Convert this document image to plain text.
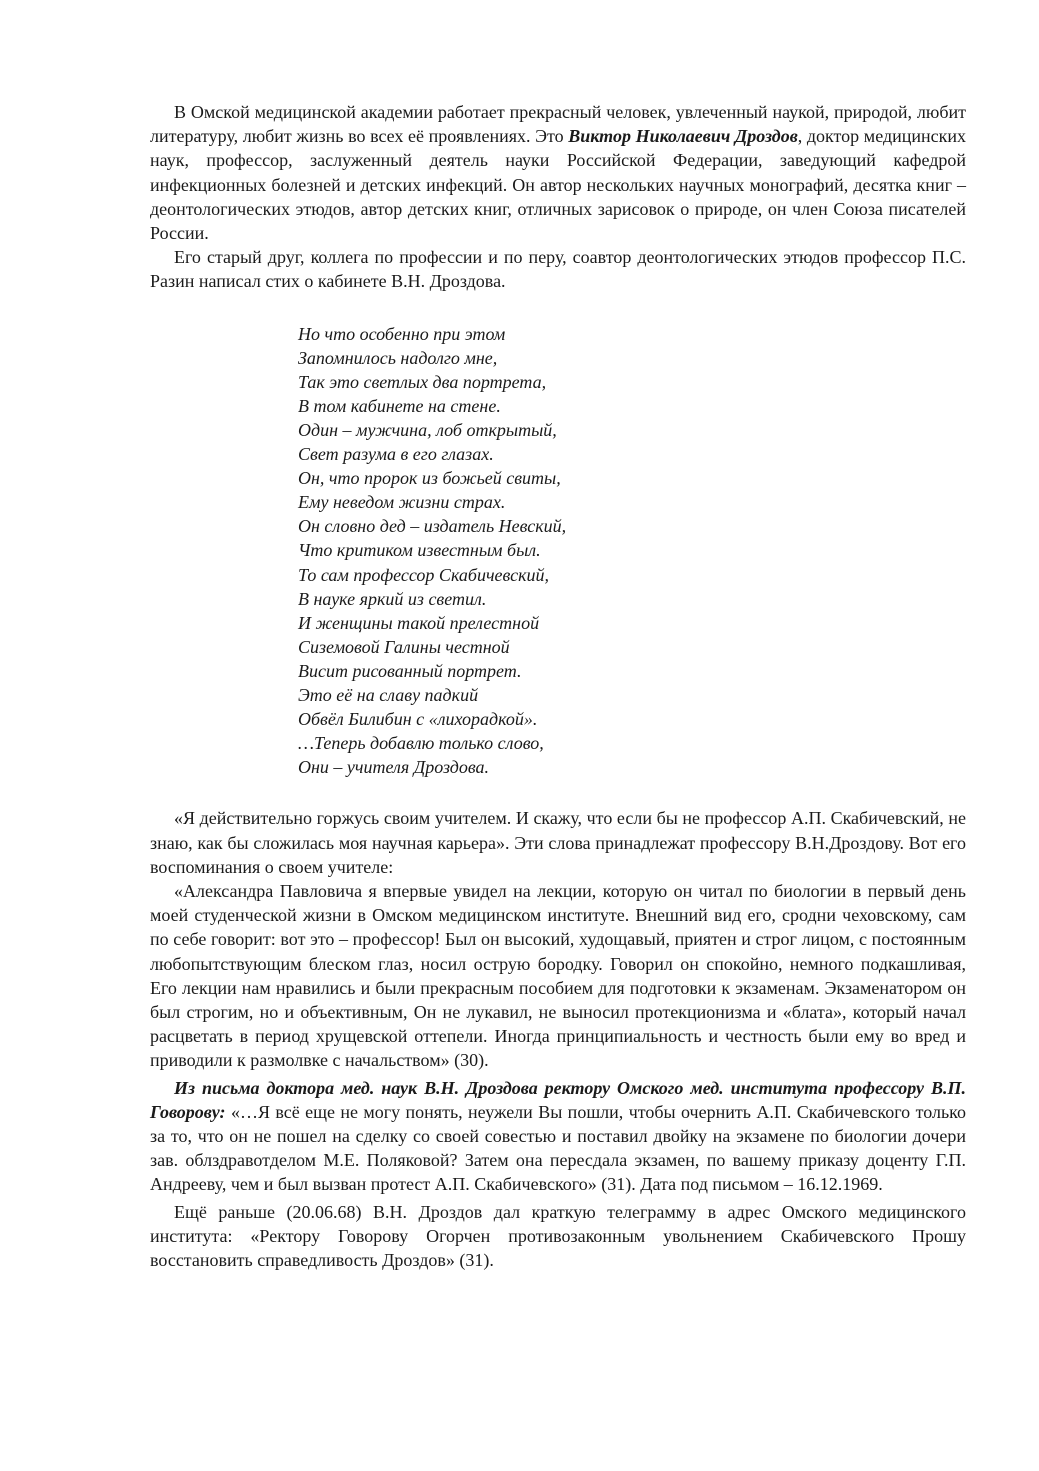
В Омской медицинской академии работает прекрасный человек, увлеченный наукой, природой, любит литературу, любит жизнь во всех её проявлениях. Это Виктор Николаевич Дроздов, доктор медицинских наук, профессор, заслуженный деятель науки Российской Федерации, заведующий кафедрой инфекционных болезней и детских инфекций. Он автор нескольких научных монографий, десятка книг – деонтологических этюдов, автор детских книг, отличных зарисовок о природе, он член Союза писателей России.

Его старый друг, коллега по профессии и по перу, соавтор деонтологических этюдов профессор П.С. Разин написал стих о кабинете В.Н. Дроздова.

Но что особенно при этом
Запомнилось надолго мне,
Так это светлых два портрета,
В том кабинете на стене.
Один – мужчина, лоб открытый,
Свет разума в его глазах.
Он, что пророк из божьей свиты,
Ему неведом жизни страх.
Он словно дед – издатель Невский,
Что критиком известным был.
То сам профессор Скабичевский,
В науке яркий из светил.
И женщины такой прелестной
Сиземовой Галины честной
Висит рисованный портрет.
Это её на славу падкий
Обвёл Билибин с «лихорадкой».
…Теперь добавлю только слово,
Они – учителя Дроздова.

«Я действительно горжусь своим учителем. И скажу, что если бы не профессор А.П. Скабичевский, не знаю, как бы сложилась моя научная карьера». Эти слова принадлежат профессору В.Н.Дроздову. Вот его воспоминания о своем учителе:

«Александра Павловича я впервые увидел на лекции, которую он читал по биологии в первый день моей студенческой жизни в Омском медицинском институте. Внешний вид его, сродни чеховскому, сам по себе говорит: вот это – профессор! Был он высокий, худощавый, приятен и строг лицом, с постоянным любопытствующим блеском глаз, носил острую бородку. Говорил он спокойно, немного подкашливая, Его лекции нам нравились и были прекрасным пособием для подготовки к экзаменам. Экзаменатором он был строгим, но и объективным, Он не лукавил, не выносил протекционизма и «блата», который начал расцветать в период хрущевской оттепели. Иногда принципиальность и честность были ему во вред и приводили к размолвке с начальством» (30).

Из письма доктора мед. наук В.Н. Дроздова ректору Омского мед. института профессору В.П. Говорову: «…Я всё еще не могу понять, неужели Вы пошли, чтобы очернить А.П. Скабичевского только за то, что он не пошел на сделку со своей совестью и поставил двойку на экзамене по биологии дочери зав. облздравотделом М.Е. Поляковой? Затем она пересдала экзамен, по вашему приказу доценту Г.П. Андрееву, чем и был вызван протест А.П. Скабичевского» (31). Дата под письмом – 16.12.1969.

Ещё раньше (20.06.68) В.Н. Дроздов дал краткую телеграмму в адрес Омского медицинского института: «Ректору Говорову Огорчен противозаконным увольнением Скабичевского Прошу восстановить справедливость Дроздов» (31).
